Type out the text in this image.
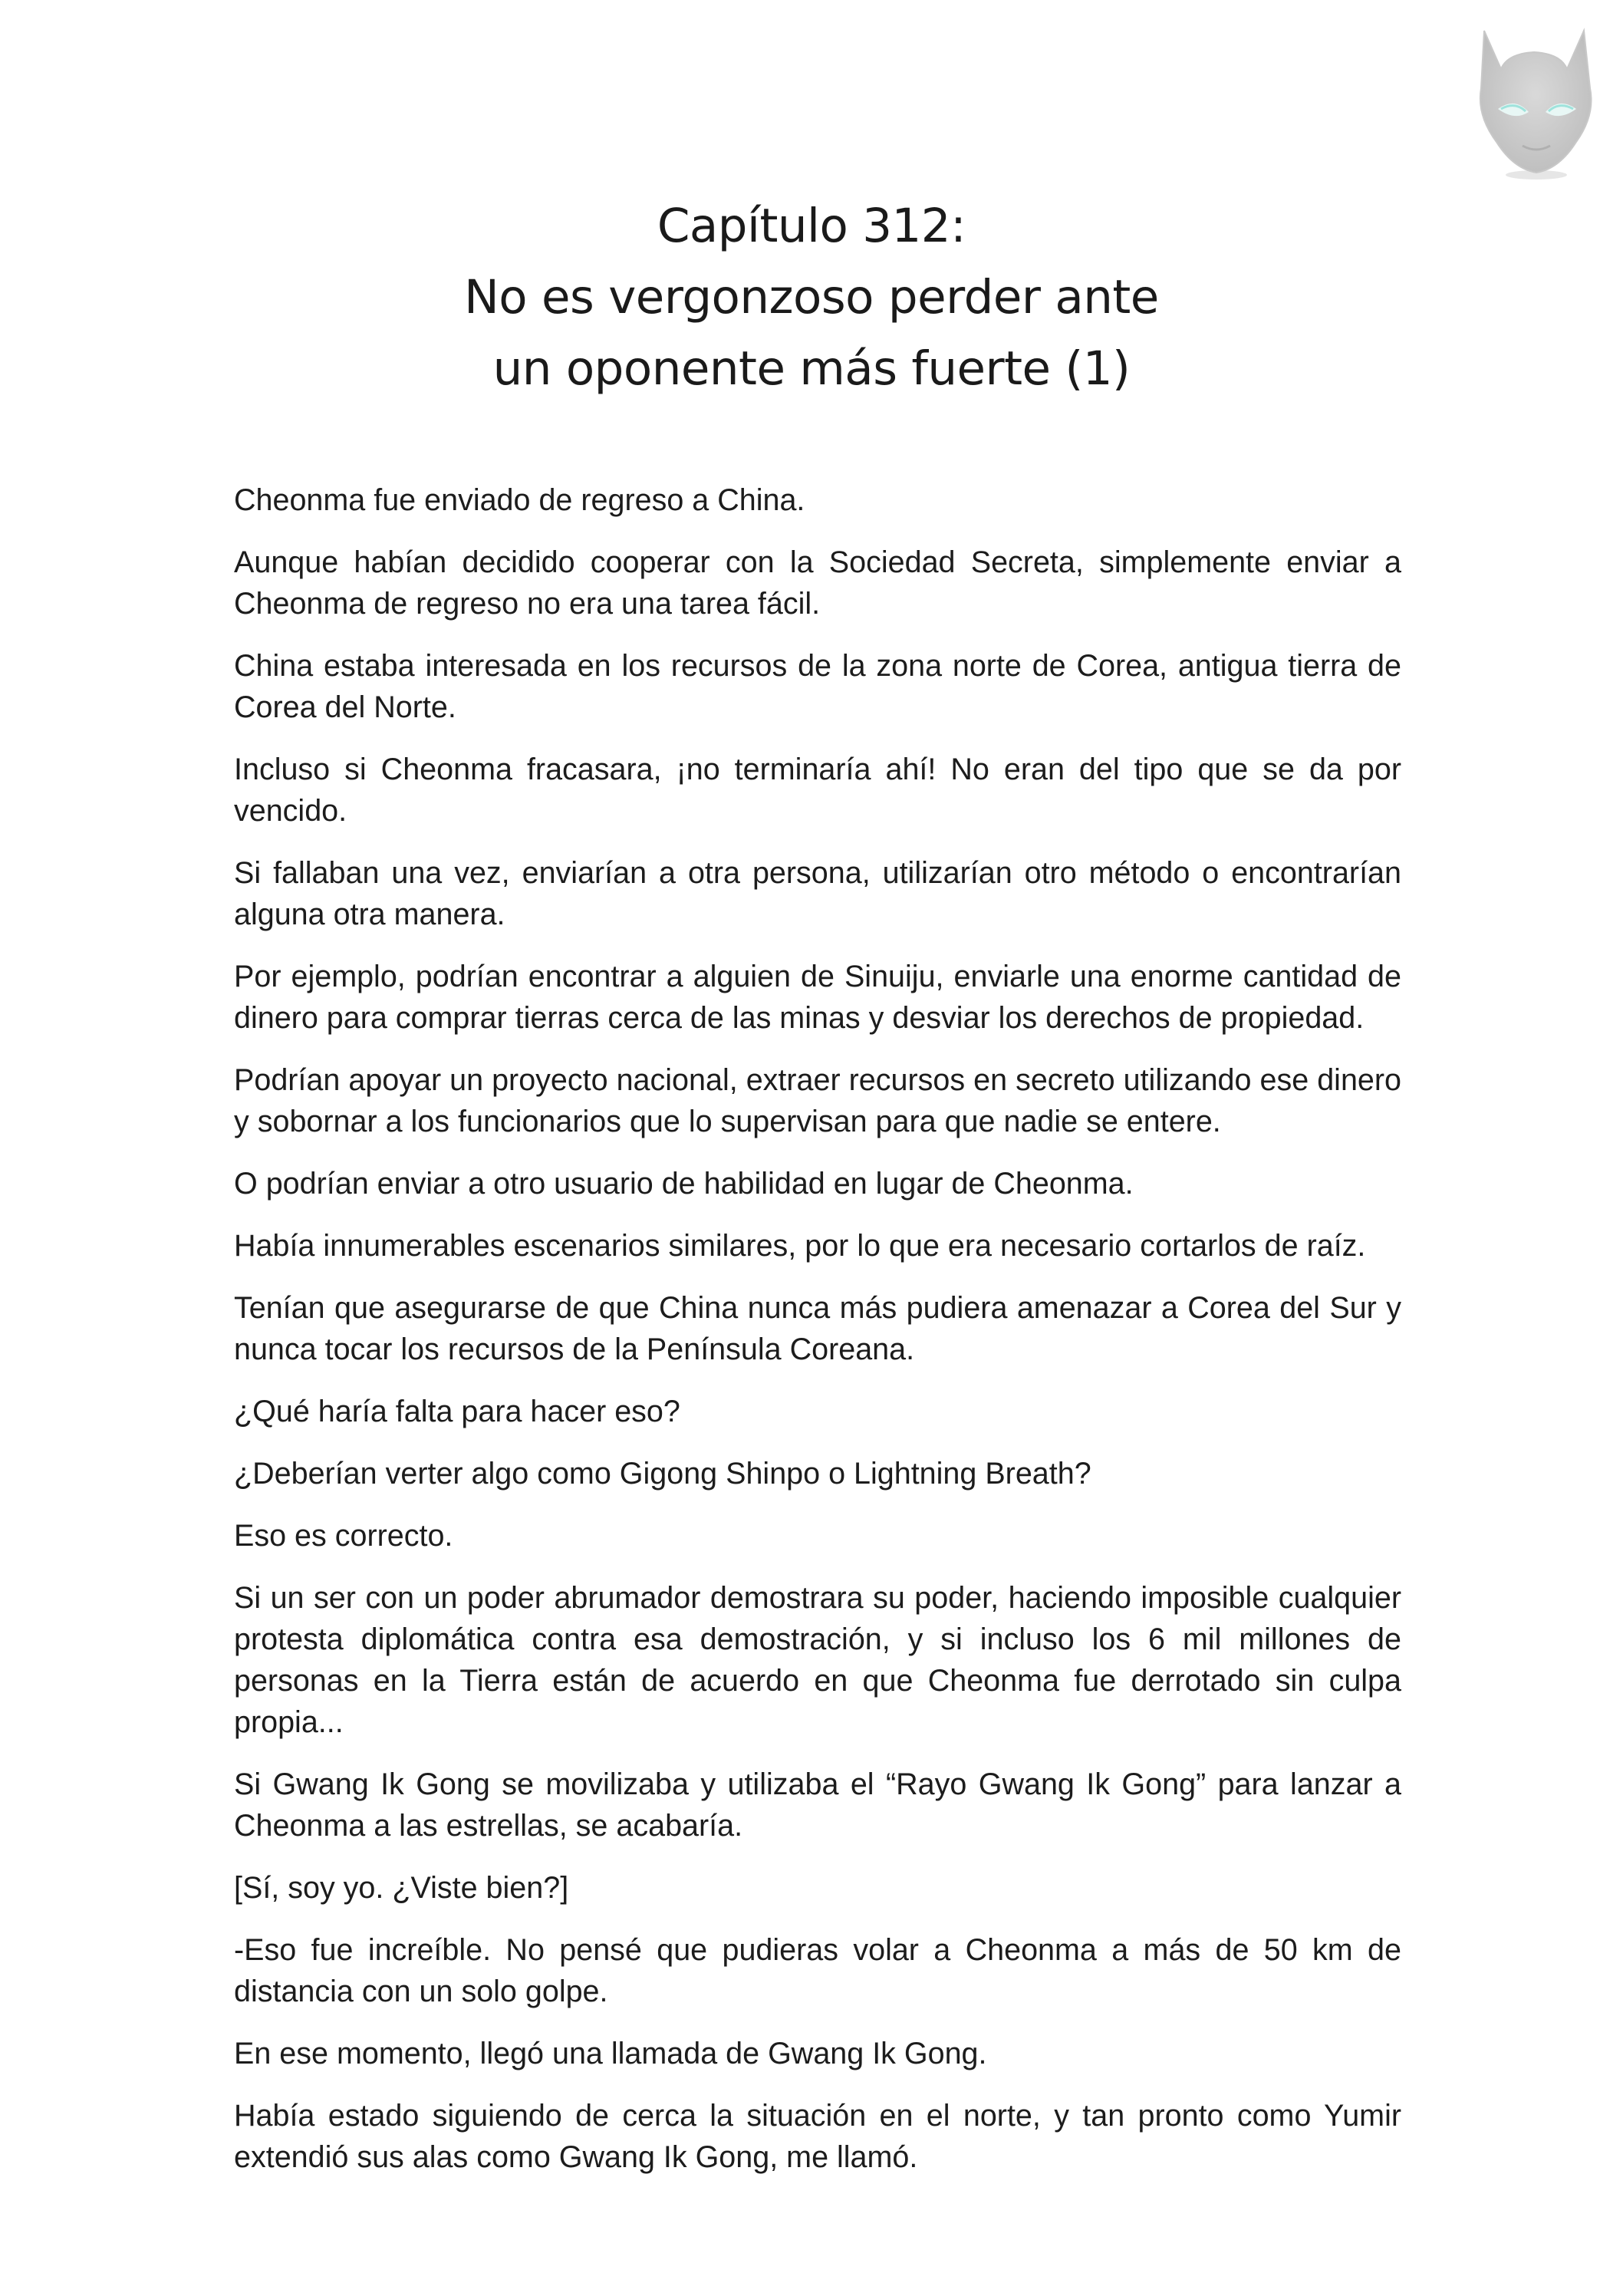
Capítulo 312:
No es vergonzoso perder ante
un oponente más fuerte (1)

Cheonma fue enviado de regreso a China.

Aunque habían decidido cooperar con la Sociedad Secreta, simplemente enviar a Cheonma de regreso no era una tarea fácil.

China estaba interesada en los recursos de la zona norte de Corea, antigua tierra de Corea del Norte.

Incluso si Cheonma fracasara, ¡no terminaría ahí! No eran del tipo que se da por vencido.

Si fallaban una vez, enviarían a otra persona, utilizarían otro método o encontrarían alguna otra manera.

Por ejemplo, podrían encontrar a alguien de Sinuiju, enviarle una enorme cantidad de dinero para comprar tierras cerca de las minas y desviar los derechos de propiedad.

Podrían apoyar un proyecto nacional, extraer recursos en secreto utilizando ese dinero y sobornar a los funcionarios que lo supervisan para que nadie se entere.

O podrían enviar a otro usuario de habilidad en lugar de Cheonma.

Había innumerables escenarios similares, por lo que era necesario cortarlos de raíz.

Tenían que asegurarse de que China nunca más pudiera amenazar a Corea del Sur y nunca tocar los recursos de la Península Coreana.

¿Qué haría falta para hacer eso?

¿Deberían verter algo como Gigong Shinpo o Lightning Breath?

Eso es correcto.

Si un ser con un poder abrumador demostrara su poder, haciendo imposible cualquier protesta diplomática contra esa demostración, y si incluso los 6 mil millones de personas en la Tierra están de acuerdo en que Cheonma fue derrotado sin culpa propia...

Si Gwang Ik Gong se movilizaba y utilizaba el “Rayo Gwang Ik Gong” para lanzar a Cheonma a las estrellas, se acabaría.

[Sí, soy yo. ¿Viste bien?]

-Eso fue increíble. No pensé que pudieras volar a Cheonma a más de 50 km de distancia con un solo golpe.

En ese momento, llegó una llamada de Gwang Ik Gong.

Había estado siguiendo de cerca la situación en el norte, y tan pronto como Yumir extendió sus alas como Gwang Ik Gong, me llamó.
